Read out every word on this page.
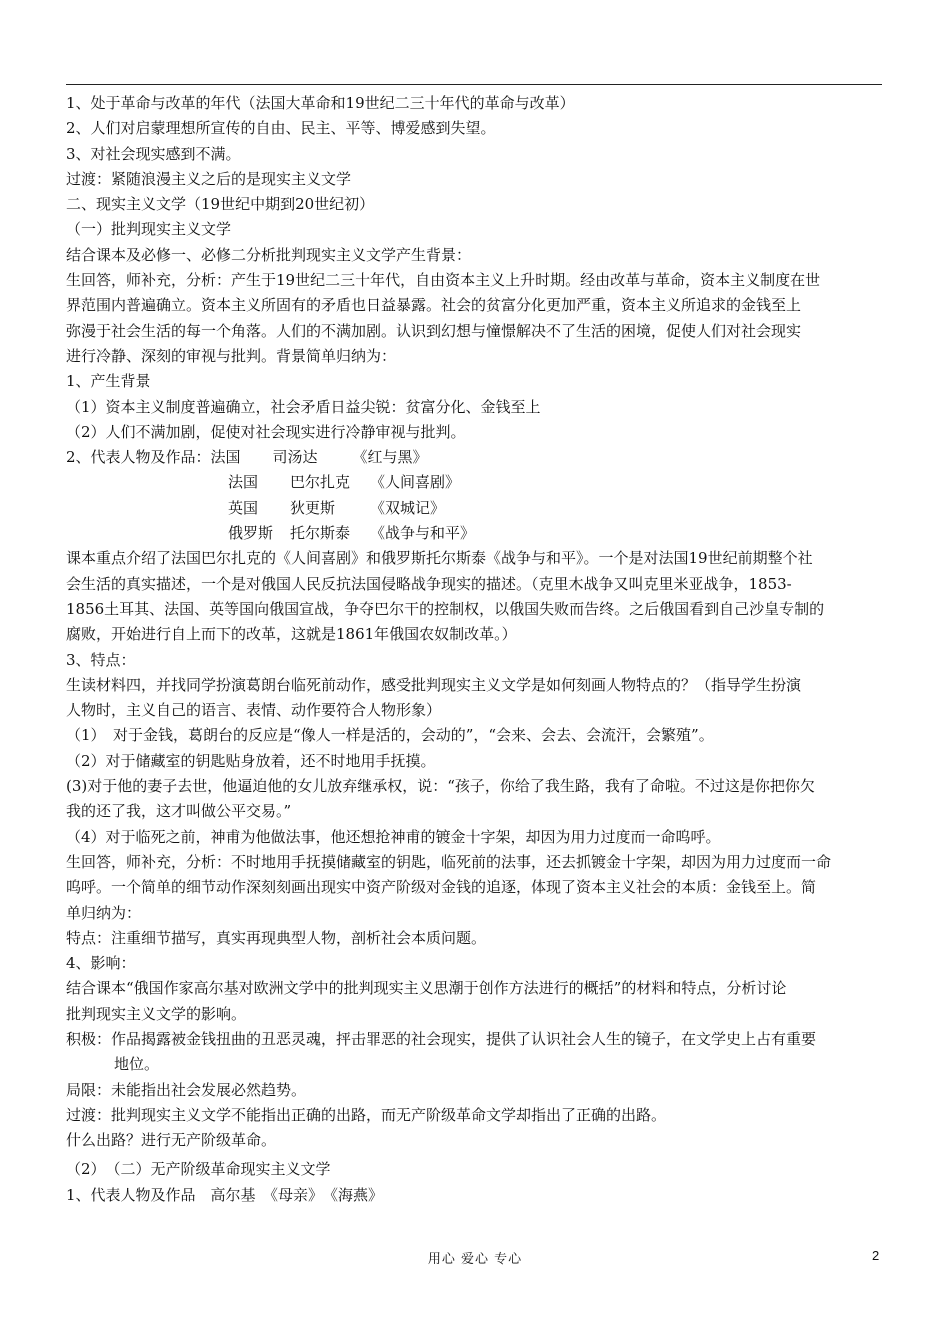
1、处于革命与改革的年代（法国大革命和19世纪二三十年代的革命与改革）
2、人们对启蒙理想所宣传的自由、民主、平等、博爱感到失望。
3、对社会现实感到不满。
过渡：紧随浪漫主义之后的是现实主义文学
二、现实主义文学（19世纪中期到20世纪初）
（一）批判现实主义文学
结合课本及必修一、必修二分析批判现实主义文学产生背景：
生回答，师补充，分析：产生于19世纪二三十年代，自由资本主义上升时期。经由改革与革命，资本主义制度在世
界范围内普遍确立。资本主义所固有的矛盾也日益暴露。社会的贫富分化更加严重，资本主义所追求的金钱至上
弥漫于社会生活的每一个角落。人们的不满加剧。认识到幻想与憧憬解决不了生活的困境，促使人们对社会现实
进行冷静、深刻的审视与批判。背景简单归纳为：
1、产生背景
（1）资本主义制度普遍确立，社会矛盾日益尖锐：贫富分化、金钱至上
（2）人们不满加剧，促使对社会现实进行冷静审视与批判。
2、代表人物及作品：法国 司汤达 《红与黑》
法国 巴尔扎克 《人间喜剧》
英国 狄更斯 《双城记》
俄罗斯 托尔斯泰 《战争与和平》
课本重点介绍了法国巴尔扎克的《人间喜剧》和俄罗斯托尔斯泰《战争与和平》。一个是对法国19世纪前期整个社
会生活的真实描述，一个是对俄国人民反抗法国侵略战争现实的描述。（克里木战争又叫克里米亚战争，1853-
1856土耳其、法国、英等国向俄国宣战，争夺巴尔干的控制权，以俄国失败而告终。之后俄国看到自己沙皇专制的
腐败，开始进行自上而下的改革，这就是1861年俄国农奴制改革。）
3、特点：
生读材料四，并找同学扮演葛朗台临死前动作，感受批判现实主义文学是如何刻画人物特点的？（指导学生扮演
人物时，主义自己的语言、表情、动作要符合人物形象）
（1）　对于金钱，葛朗台的反应是“像人一样是活的，会动的”，“会来、会去、会流汗，会繁殖”。
（2）对于储藏室的钥匙贴身放着，还不时地用手抚摸。
(3)对于他的妻子去世，他逼迫他的女儿放弃继承权，说：“孩子，你给了我生路，我有了命啦。不过这是你把你欠
我的还了我，这才叫做公平交易。”
（4）对于临死之前，神甫为他做法事，他还想抢神甫的镀金十字架，却因为用力过度而一命呜呼。
生回答，师补充，分析：不时地用手抚摸储藏室的钥匙，临死前的法事，还去抓镀金十字架，却因为用力过度而一命
呜呼。一个简单的细节动作深刻刻画出现实中资产阶级对金钱的追逐，体现了资本主义社会的本质：金钱至上。简
单归纳为：
特点：注重细节描写，真实再现典型人物，剖析社会本质问题。
4、影响：
结合课本“俄国作家高尔基对欧洲文学中的批判现实主义思潮于创作方法进行的概括”的材料和特点，分析讨论
批判现实主义文学的影响。
积极：作品揭露被金钱扭曲的丑恶灵魂，抨击罪恶的社会现实，提供了认识社会人生的镜子，在文学史上占有重要
地位。
局限：未能指出社会发展必然趋势。
过渡：批判现实主义文学不能指出正确的出路，而无产阶级革命文学却指出了正确的出路。
什么出路？进行无产阶级革命。
（2）　（二）无产阶级革命现实主义文学
1、代表人物及作品　高尔基　《母亲》　《海燕》
用心 爱心 专心	2
